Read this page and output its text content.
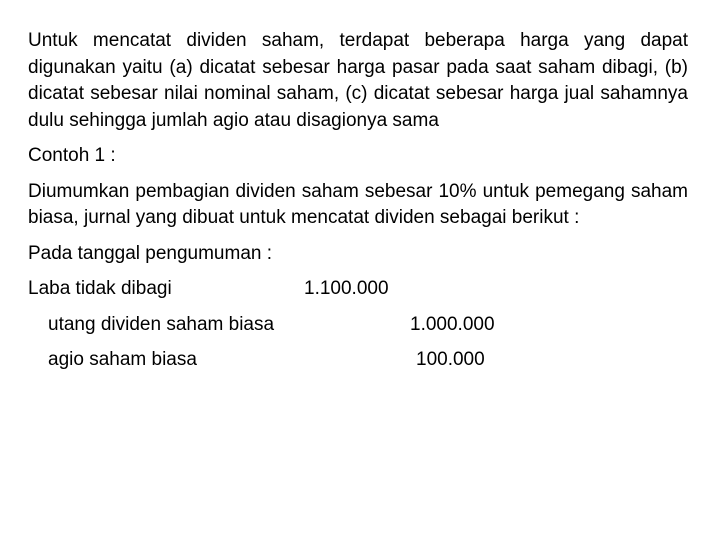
Untuk mencatat dividen saham, terdapat beberapa harga yang dapat digunakan yaitu (a) dicatat sebesar harga pasar pada saat saham dibagi, (b) dicatat sebesar nilai nominal saham, (c) dicatat sebesar harga jual sahamnya dulu sehingga jumlah agio atau disagionya sama

Contoh 1 :

Diumumkan pembagian dividen saham sebesar 10% untuk pemegang saham biasa, jurnal yang dibuat untuk mencatat dividen sebagai berikut :

Pada tanggal pengumuman :

Laba tidak dibagi	1.100.000
utang dividen saham biasa	1.000.000
agio saham biasa	100.000
